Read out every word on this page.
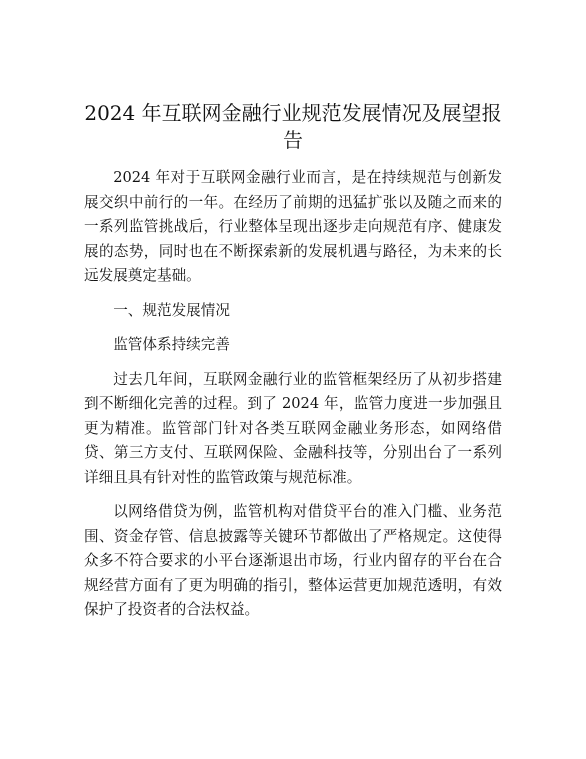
2024 年互联网金融行业规范发展情况及展望报告

2024 年对于互联网金融行业而言，是在持续规范与创新发展交织中前行的一年。在经历了前期的迅猛扩张以及随之而来的一系列监管挑战后，行业整体呈现出逐步走向规范有序、健康发展的态势，同时也在不断探索新的发展机遇与路径，为未来的长远发展奠定基础。

一、规范发展情况

监管体系持续完善

过去几年间，互联网金融行业的监管框架经历了从初步搭建到不断细化完善的过程。到了 2024 年，监管力度进一步加强且更为精准。监管部门针对各类互联网金融业务形态，如网络借贷、第三方支付、互联网保险、金融科技等，分别出台了一系列详细且具有针对性的监管政策与规范标准。

以网络借贷为例，监管机构对借贷平台的准入门槛、业务范围、资金存管、信息披露等关键环节都做出了严格规定。这使得众多不符合要求的小平台逐渐退出市场，行业内留存的平台在合规经营方面有了更为明确的指引，整体运营更加规范透明，有效保护了投资者的合法权益。
